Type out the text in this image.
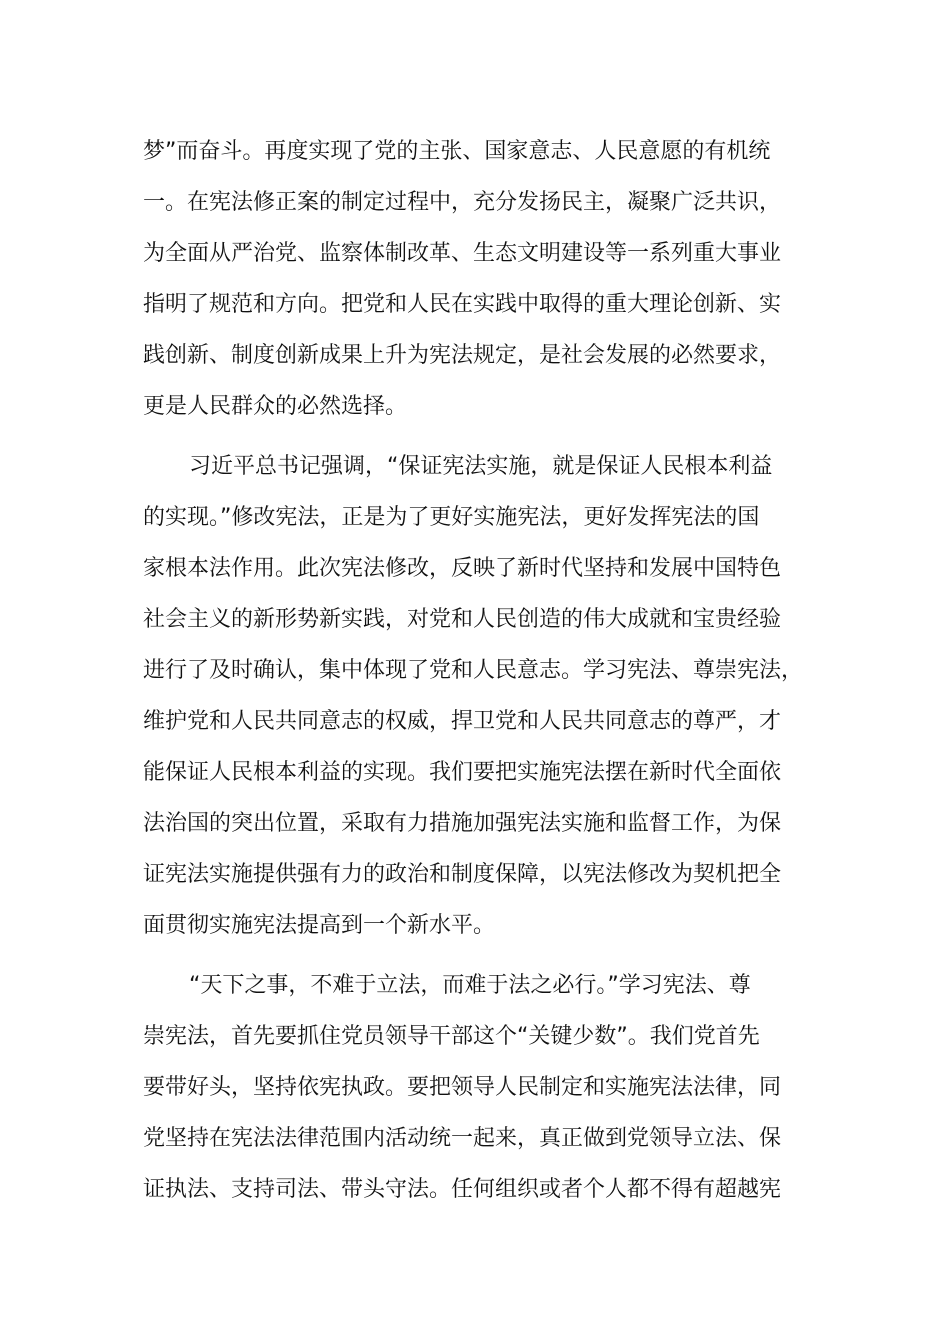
梦”而奋斗。再度实现了党的主张、国家意志、人民意愿的有机统
一。在宪法修正案的制定过程中，充分发扬民主，凝聚广泛共识，
为全面从严治党、监察体制改革、生态文明建设等一系列重大事业
指明了规范和方向。把党和人民在实践中取得的重大理论创新、实
践创新、制度创新成果上升为宪法规定，是社会发展的必然要求，
更是人民群众的必然选择。

习近平总书记强调，“保证宪法实施，就是保证人民根本利益
的实现。”修改宪法，正是为了更好实施宪法，更好发挥宪法的国
家根本法作用。此次宪法修改，反映了新时代坚持和发展中国特色
社会主义的新形势新实践，对党和人民创造的伟大成就和宝贵经验
进行了及时确认，集中体现了党和人民意志。学习宪法、尊崇宪法，
维护党和人民共同意志的权威，捍卫党和人民共同意志的尊严，才
能保证人民根本利益的实现。我们要把实施宪法摆在新时代全面依
法治国的突出位置，采取有力措施加强宪法实施和监督工作，为保
证宪法实施提供强有力的政治和制度保障，以宪法修改为契机把全
面贯彻实施宪法提高到一个新水平。

“天下之事，不难于立法，而难于法之必行。”学习宪法、尊
崇宪法，首先要抓住党员领导干部这个“关键少数”。我们党首先
要带好头，坚持依宪执政。要把领导人民制定和实施宪法法律，同
党坚持在宪法法律范围内活动统一起来，真正做到党领导立法、保
证执法、支持司法、带头守法。任何组织或者个人都不得有超越宪
